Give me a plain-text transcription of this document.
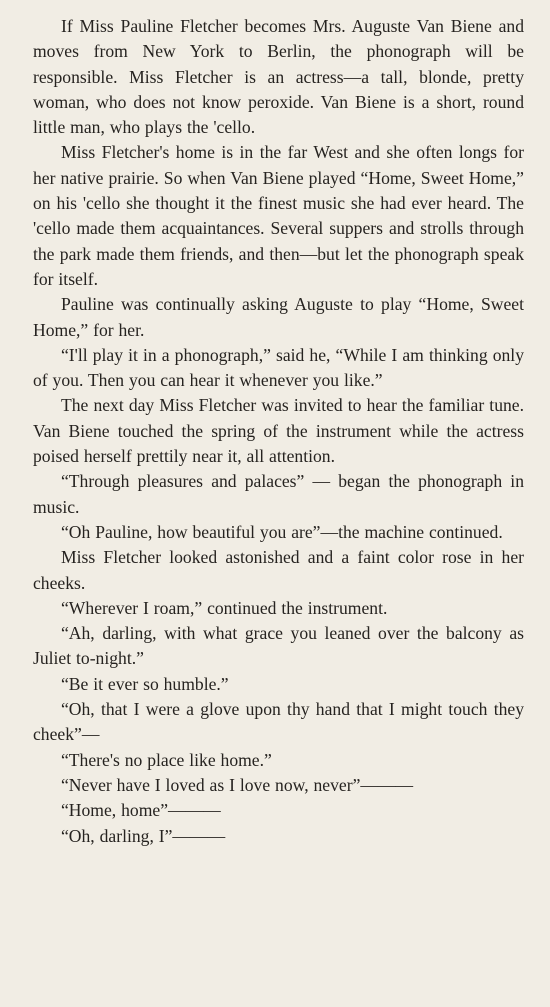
If Miss Pauline Fletcher becomes Mrs. Auguste Van Biene and moves from New York to Berlin, the phonograph will be responsible. Miss Fletcher is an actress—a tall, blonde, pretty woman, who does not know peroxide. Van Biene is a short, round little man, who plays the 'cello.

Miss Fletcher's home is in the far West and she often longs for her native prairie. So when Van Biene played “Home, Sweet Home,” on his 'cello she thought it the finest music she had ever heard. The 'cello made them acquaintances. Several suppers and strolls through the park made them friends, and then—but let the phonograph speak for itself.

Pauline was continually asking Auguste to play “Home, Sweet Home,” for her.

“I'll play it in a phonograph,” said he, “While I am thinking only of you. Then you can hear it whenever you like.”

The next day Miss Fletcher was invited to hear the familiar tune. Van Biene touched the spring of the instrument while the actress poised herself prettily near it, all attention.

“Through pleasures and palaces” — began the phonograph in music.

“Oh Pauline, how beautiful you are”—the machine continued.

Miss Fletcher looked astonished and a faint color rose in her cheeks.

“Wherever I roam,” continued the instrument.

“Ah, darling, with what grace you leaned over the balcony as Juliet to-night.”

“Be it ever so humble.”

“Oh, that I were a glove upon thy hand that I might touch they cheek”—

“There's no place like home.”

“Never have I loved as I love now, never”———

“Home, home”———

“Oh, darling, I”———
